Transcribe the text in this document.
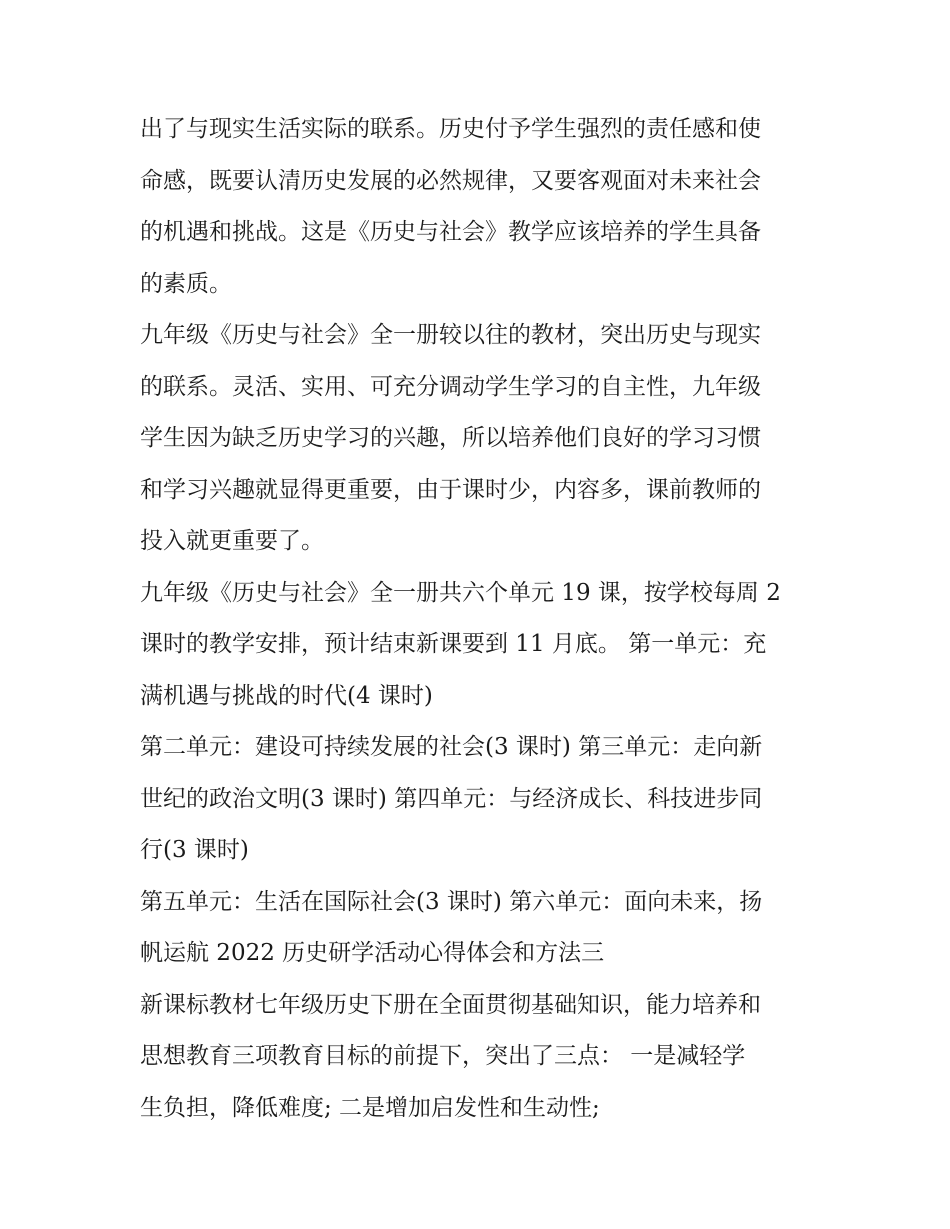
出了与现实生活实际的联系。历史付予学生强烈的责任感和使
命感，既要认清历史发展的必然规律，又要客观面对未来社会
的机遇和挑战。这是《历史与社会》教学应该培养的学生具备
的素质。
九年级《历史与社会》全一册较以往的教材，突出历史与现实
的联系。灵活、实用、可充分调动学生学习的自主性，九年级
学生因为缺乏历史学习的兴趣，所以培养他们良好的学习习惯
和学习兴趣就显得更重要，由于课时少，内容多，课前教师的
投入就更重要了。
九年级《历史与社会》全一册共六个单元 19 课，按学校每周 2
课时的教学安排，预计结束新课要到 11 月底。 第一单元：充
满机遇与挑战的时代(4 课时)
第二单元：建设可持续发展的社会(3 课时) 第三单元：走向新
世纪的政治文明(3 课时) 第四单元：与经济成长、科技进步同
行(3 课时)
第五单元：生活在国际社会(3 课时) 第六单元：面向未来，扬
帆运航 2022 历史研学活动心得体会和方法三
新课标教材七年级历史下册在全面贯彻基础知识，能力培养和
思想教育三项教育目标的前提下，突出了三点： 一是减轻学
生负担，降低难度; 二是增加启发性和生动性;
